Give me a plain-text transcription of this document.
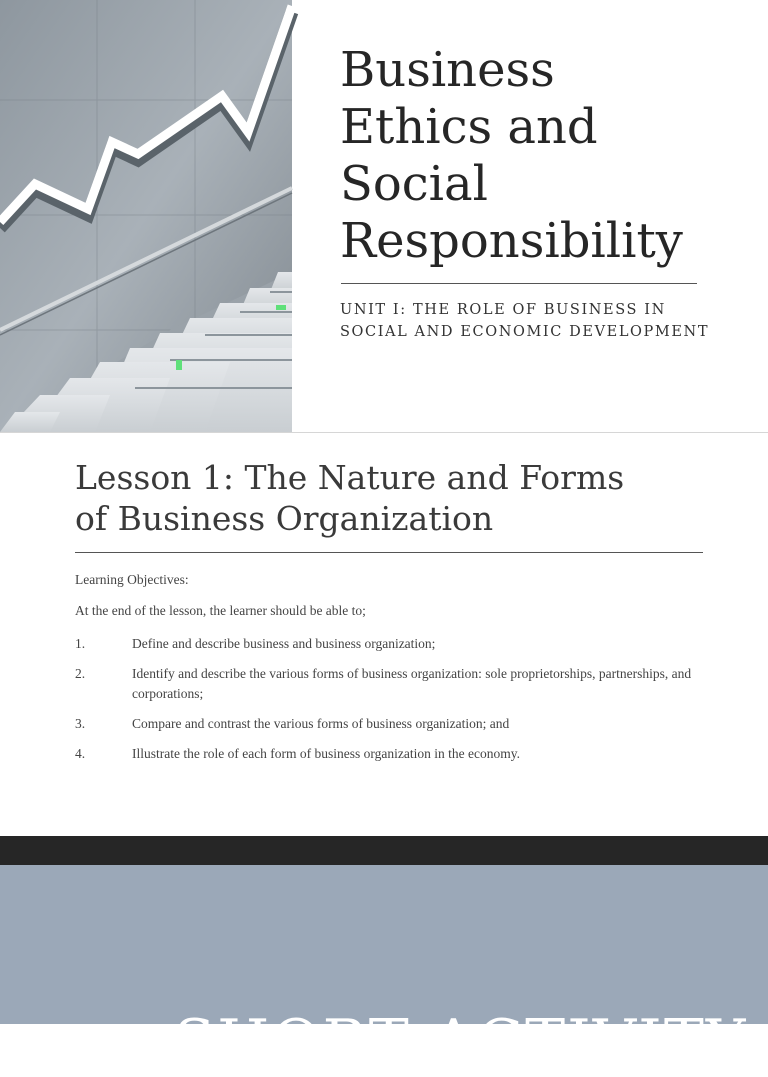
Business
Ethics and
Social
Responsibility
UNIT I: THE ROLE OF BUSINESS IN
SOCIAL AND ECONOMIC DEVELOPMENT
Lesson 1: The Nature and Forms
of Business Organization
Learning Objectives:
At the end of the lesson, the learner should be able to;
1.	Define and describe business and business organization;
2.	Identify and describe the various forms of business organization: sole proprietorships, partnerships, and corporations;
3.	Compare and contrast the various forms of business organization; and
4.	Illustrate the role of each form of business organization in the economy.
SHORT ACTIVITY
